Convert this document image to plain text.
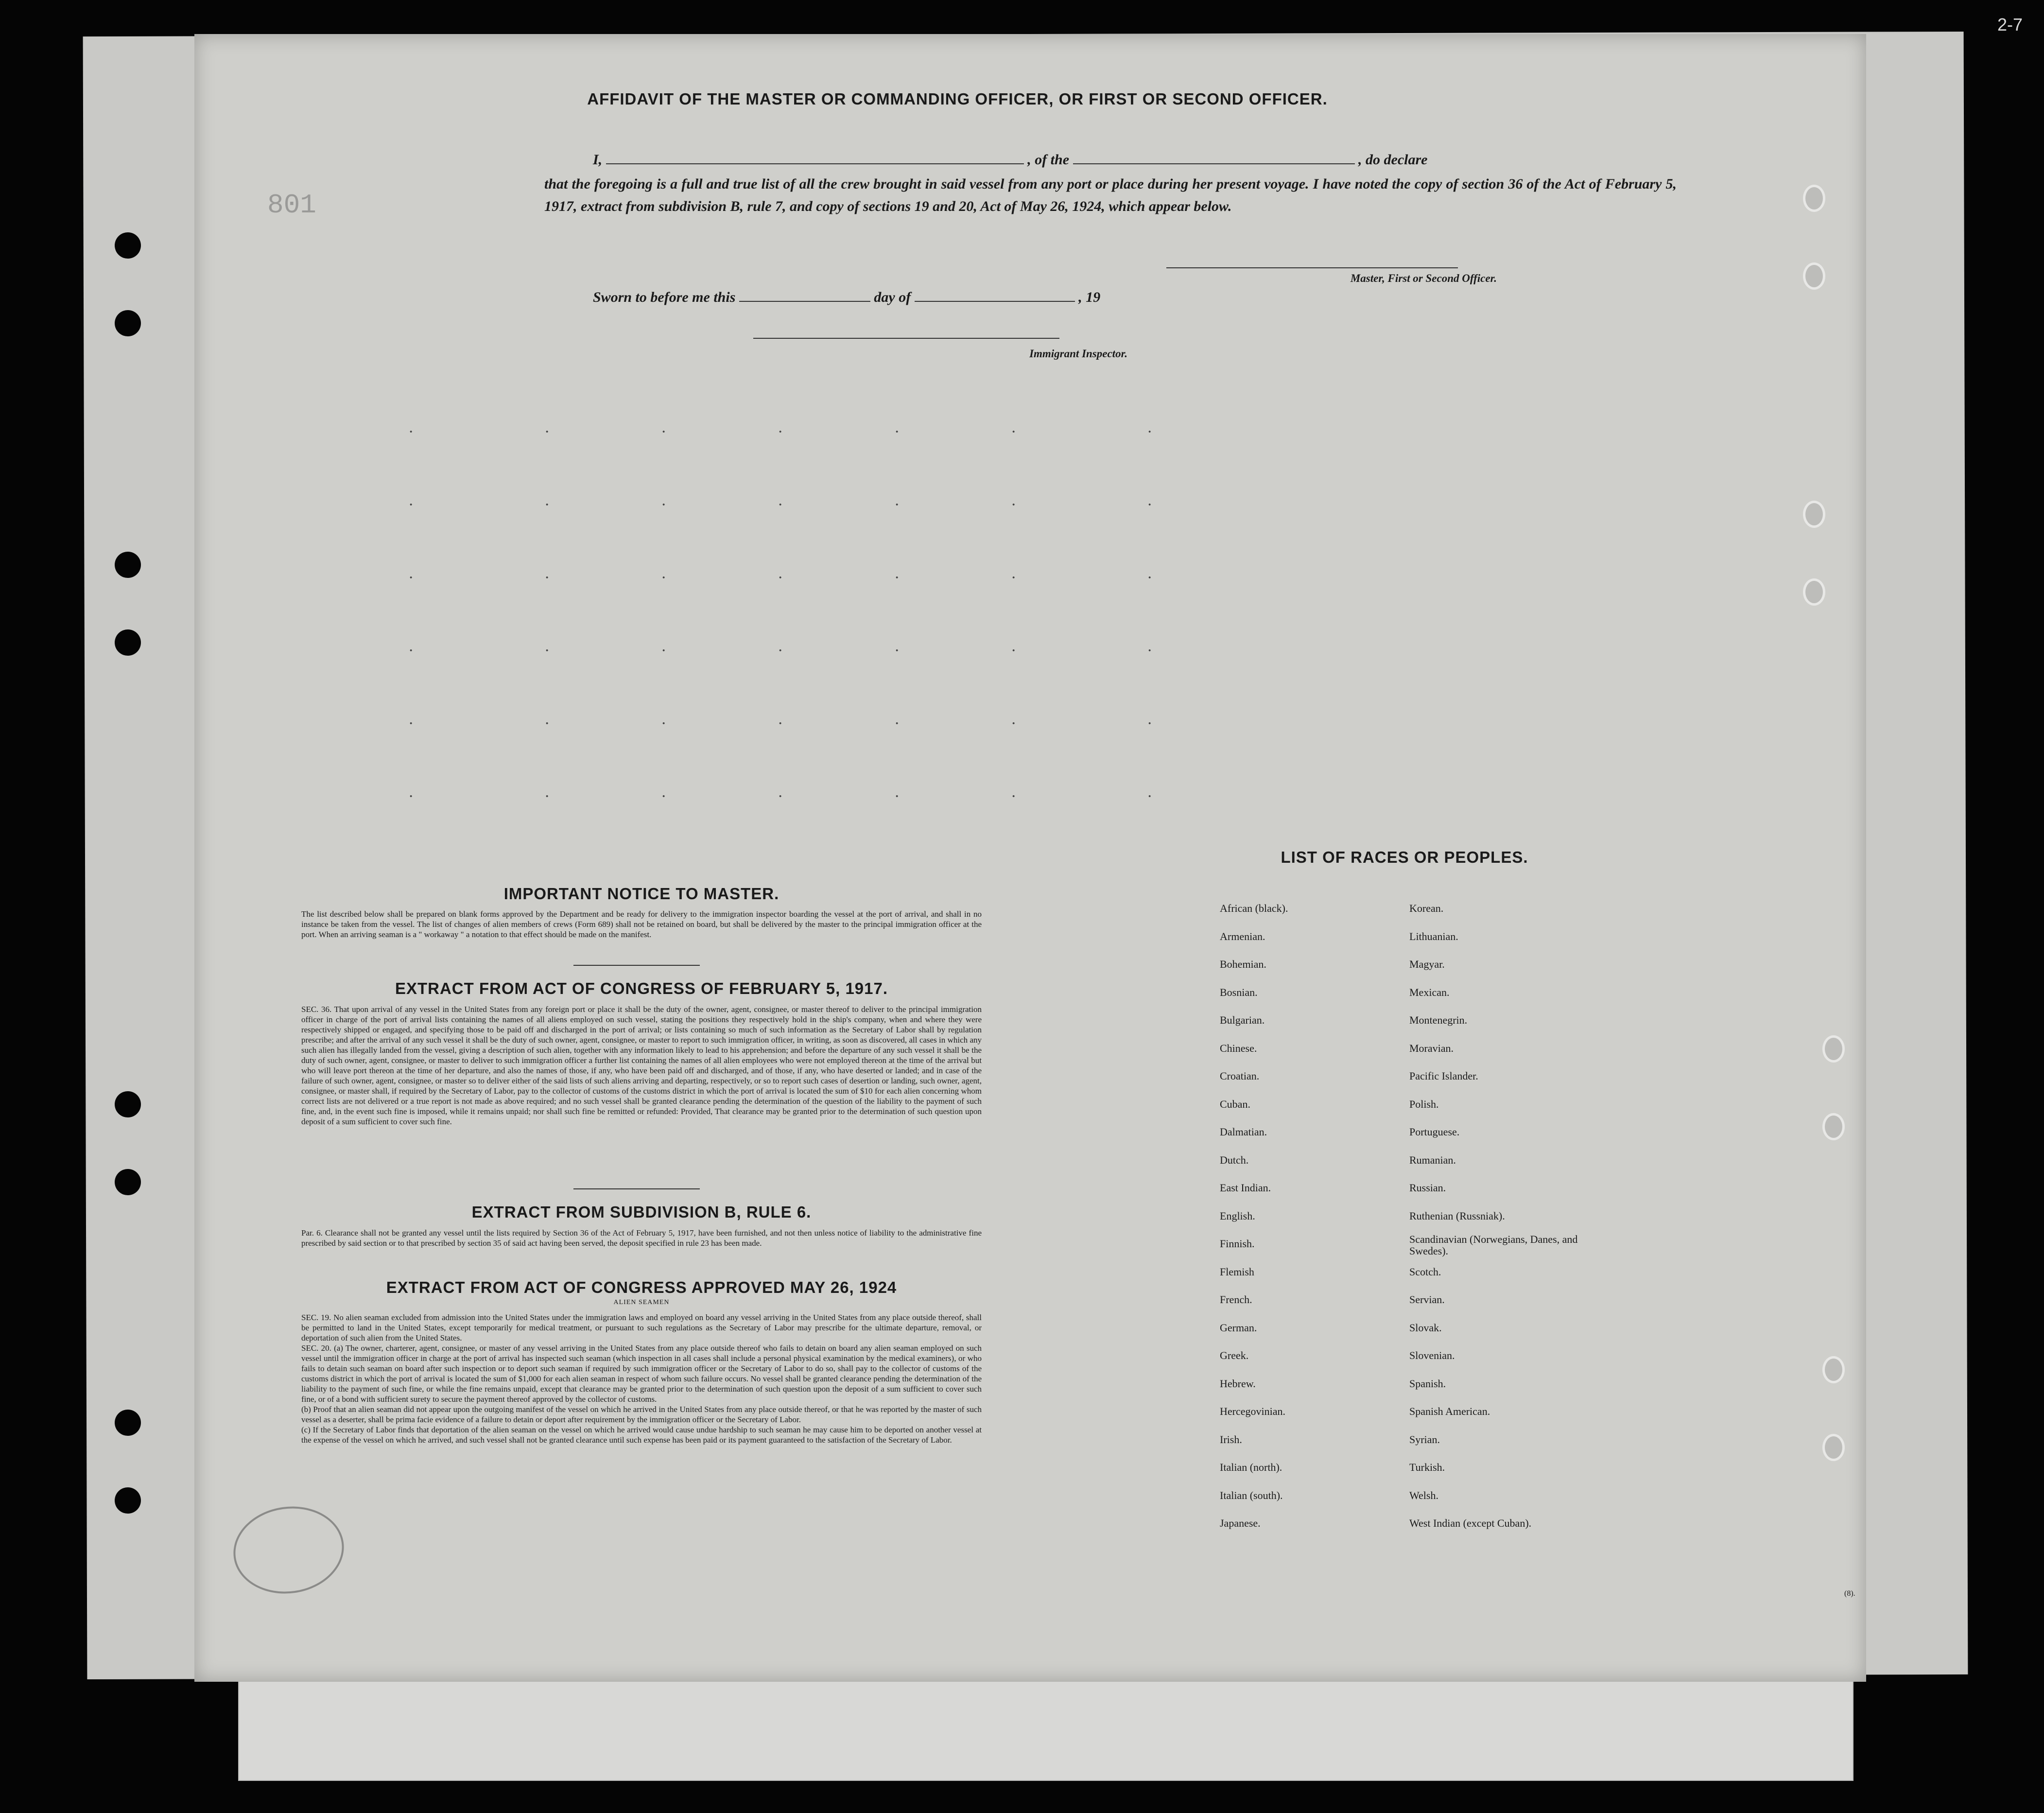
2-7
801
AFFIDAVIT OF THE MASTER OR COMMANDING OFFICER, OR FIRST OR SECOND OFFICER.
I,	, of the	, do declare
that the foregoing is a full and true list of all the crew brought in said vessel from any port or place during her present voyage. I have noted the copy of section 36 of the Act of February 5, 1917, extract from subdivision B, rule 7, and copy of sections 19 and 20, Act of May 26, 1924, which appear below.
Master, First or Second Officer.
Sworn to before me this	day of	, 19
Immigrant Inspector.
·	·	·	·	·	·	·
·	·	·	·	·	·	·
·	·	·	·	·	·	·
·	·	·	·	·	·	·
·	·	·	·	·	·	·
·	·	·	·	·	·	·
IMPORTANT NOTICE TO MASTER.
The list described below shall be prepared on blank forms approved by the Department and be ready for delivery to the immigration inspector boarding the vessel at the port of arrival, and shall in no instance be taken from the vessel. The list of changes of alien members of crews (Form 689) shall not be retained on board, but shall be delivered by the master to the principal immigration officer at the port. When an arriving seaman is a " workaway " a notation to that effect should be made on the manifest.
EXTRACT FROM ACT OF CONGRESS OF FEBRUARY 5, 1917.
SEC. 36. That upon arrival of any vessel in the United States from any foreign port or place it shall be the duty of the owner, agent, consignee, or master thereof to deliver to the principal immigration officer in charge of the port of arrival lists containing the names of all aliens employed on such vessel, stating the positions they respectively hold in the ship's company, when and where they were respectively shipped or engaged, and specifying those to be paid off and discharged in the port of arrival; or lists containing so much of such information as the Secretary of Labor shall by regulation prescribe; and after the arrival of any such vessel it shall be the duty of such owner, agent, consignee, or master to report to such immigration officer, in writing, as soon as discovered, all cases in which any such alien has illegally landed from the vessel, giving a description of such alien, together with any information likely to lead to his apprehension; and before the departure of any such vessel it shall be the duty of such owner, agent, consignee, or master to deliver to such immigration officer a further list containing the names of all alien employees who were not employed thereon at the time of the arrival but who will leave port thereon at the time of her departure, and also the names of those, if any, who have been paid off and discharged, and of those, if any, who have deserted or landed; and in case of the failure of such owner, agent, consignee, or master so to deliver either of the said lists of such aliens arriving and departing, respectively, or so to report such cases of desertion or landing, such owner, agent, consignee, or master shall, if required by the Secretary of Labor, pay to the collector of customs of the customs district in which the port of arrival is located the sum of $10 for each alien concerning whom correct lists are not delivered or a true report is not made as above required; and no such vessel shall be granted clearance pending the determination of the question of the liability to the payment of such fine, and, in the event such fine is imposed, while it remains unpaid; nor shall such fine be remitted or refunded: Provided, That clearance may be granted prior to the determination of such question upon deposit of a sum sufficient to cover such fine.
EXTRACT FROM SUBDIVISION B, RULE 6.
Par. 6. Clearance shall not be granted any vessel until the lists required by Section 36 of the Act of February 5, 1917, have been furnished, and not then unless notice of liability to the administrative fine prescribed by said section or to that prescribed by section 35 of said act having been served, the deposit specified in rule 23 has been made.
EXTRACT FROM ACT OF CONGRESS APPROVED MAY 26, 1924
ALIEN SEAMEN
SEC. 19. No alien seaman excluded from admission into the United States under the immigration laws and employed on board any vessel arriving in the United States from any place outside thereof, shall be permitted to land in the United States, except temporarily for medical treatment, or pursuant to such regulations as the Secretary of Labor may prescribe for the ultimate departure, removal, or deportation of such alien from the United States.
SEC. 20. (a) The owner, charterer, agent, consignee, or master of any vessel arriving in the United States from any place outside thereof who fails to detain on board any alien seaman employed on such vessel until the immigration officer in charge at the port of arrival has inspected such seaman (which inspection in all cases shall include a personal physical examination by the medical examiners), or who fails to detain such seaman on board after such inspection or to deport such seaman if required by such immigration officer or the Secretary of Labor to do so, shall pay to the collector of customs of the customs district in which the port of arrival is located the sum of $1,000 for each alien seaman in respect of whom such failure occurs. No vessel shall be granted clearance pending the determination of the liability to the payment of such fine, or while the fine remains unpaid, except that clearance may be granted prior to the determination of such question upon the deposit of a sum sufficient to cover such fine, or of a bond with sufficient surety to secure the payment thereof approved by the collector of customs.
(b) Proof that an alien seaman did not appear upon the outgoing manifest of the vessel on which he arrived in the United States from any place outside thereof, or that he was reported by the master of such vessel as a deserter, shall be prima facie evidence of a failure to detain or deport after requirement by the immigration officer or the Secretary of Labor.
(c) If the Secretary of Labor finds that deportation of the alien seaman on the vessel on which he arrived would cause undue hardship to such seaman he may cause him to be deported on another vessel at the expense of the vessel on which he arrived, and such vessel shall not be granted clearance until such expense has been paid or its payment guaranteed to the satisfaction of the Secretary of Labor.
LIST OF RACES OR PEOPLES.
African (black).
Armenian.
Bohemian.
Bosnian.
Bulgarian.
Chinese.
Croatian.
Cuban.
Dalmatian.
Dutch.
East Indian.
English.
Finnish.
Flemish
French.
German.
Greek.
Hebrew.
Hercegovinian.
Irish.
Italian (north).
Italian (south).
Japanese.
Korean.
Lithuanian.
Magyar.
Mexican.
Montenegrin.
Moravian.
Pacific Islander.
Polish.
Portuguese.
Rumanian.
Russian.
Ruthenian (Russniak).
Scandinavian (Norwegians, Danes, and Swedes).
Scotch.
Servian.
Slovak.
Slovenian.
Spanish.
Spanish American.
Syrian.
Turkish.
Welsh.
West Indian (except Cuban).
(8).
